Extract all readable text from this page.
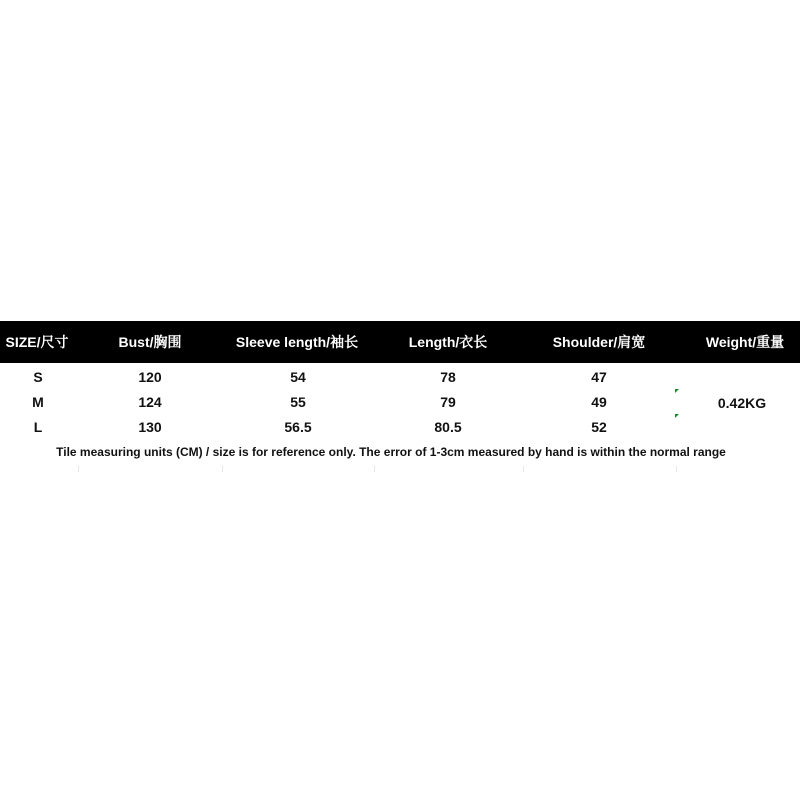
SIZE/尺寸	Bust/胸围	Sleeve length/袖长	Length/衣长	Shoulder/肩宽	Weight/重量
S	120	54	78	47
M	124	55	79	49
L	130	56.5	80.5	52
0.42KG
Tile measuring units (CM) / size is for reference only. The error of 1-3cm measured by hand is within the normal range
